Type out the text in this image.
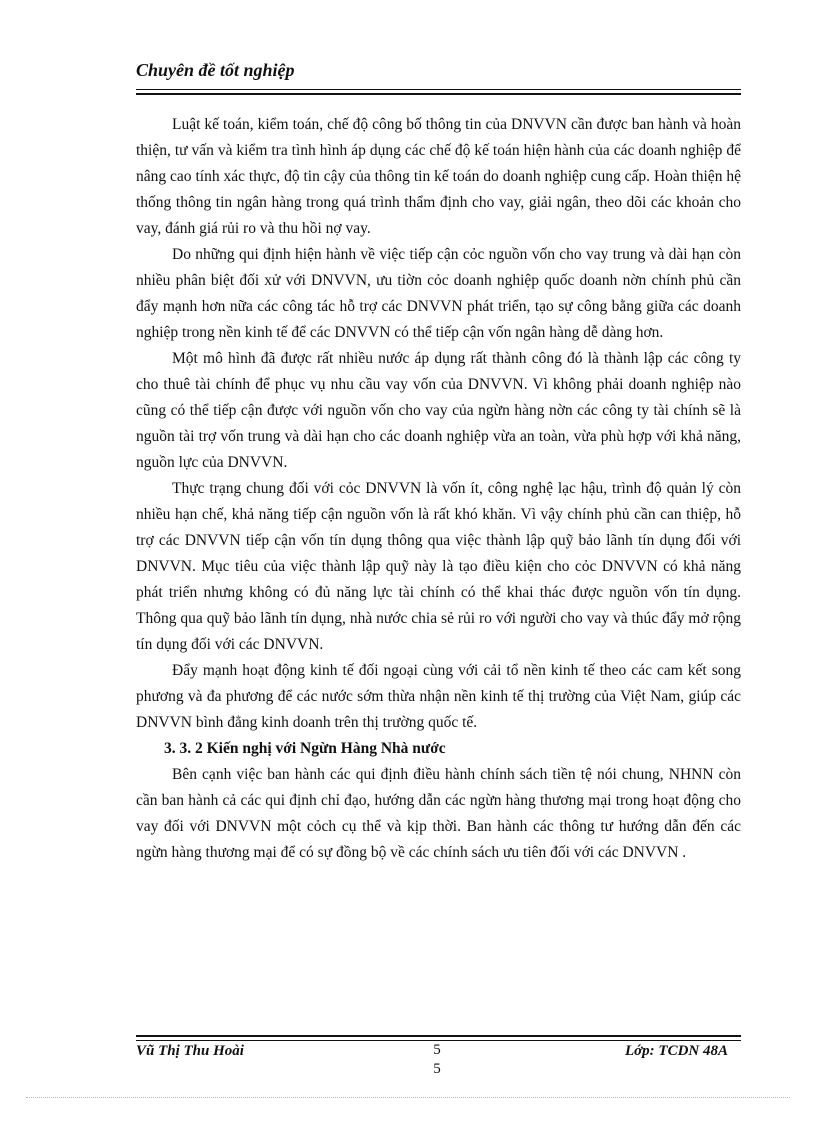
Chuyên đề tốt nghiệp

Luật kế toán, kiểm toán, chế độ công bố thông tin của DNVVN cần được ban hành và hoàn thiện, tư vấn và kiểm tra tình hình áp dụng các chế độ kế toán hiện hành của các doanh nghiệp để nâng cao tính xác thực, độ tin cậy của thông tin kế toán do doanh nghiệp cung cấp. Hoàn thiện hệ thống thông tin ngân hàng trong quá trình thẩm định cho vay, giải ngân, theo dõi các khoản cho vay, đánh giá rủi ro và thu hồi nợ vay.

Do những qui định hiện hành về việc tiếp cận cỏc nguồn vốn cho vay trung và dài hạn còn nhiều phân biệt đối xử với DNVVN, ưu tiờn cỏc doanh nghiệp quốc doanh nờn chính phủ cần đẩy mạnh hơn nữa các công tác hỗ trợ các DNVVN phát triển, tạo sự công bằng giữa các doanh nghiệp trong nền kinh tế để các DNVVN có thể tiếp cận vốn ngân hàng dễ dàng hơn.

Một mô hình đã được rất nhiều nước áp dụng rất thành công đó là thành lập các công ty cho thuê tài chính để phục vụ nhu cầu vay vốn của DNVVN. Vì không phải doanh nghiệp nào cũng có thể tiếp cận được với nguồn vốn cho vay của ngừn hàng nờn các công ty tài chính sẽ là nguồn tài trợ vốn trung và dài hạn cho các doanh nghiệp vừa an toàn, vừa phù hợp với khả năng, nguồn lực của DNVVN.

Thực trạng chung đối với cỏc DNVVN là vốn ít, công nghệ lạc hậu, trình độ quản lý còn nhiều hạn chế, khả năng tiếp cận nguồn vốn là rất khó khăn. Vì vậy chính phủ cần can thiệp, hỗ trợ các DNVVN tiếp cận vốn tín dụng thông qua việc thành lập quỹ bảo lãnh tín dụng đối với DNVVN. Mục tiêu của việc thành lập quỹ này là tạo điều kiện cho cỏc DNVVN có khả năng phát triển nhưng không có đủ năng lực tài chính có thể khai thác được nguồn vốn tín dụng. Thông qua quỹ bảo lãnh tín dụng, nhà nước chia sẻ rủi ro với người cho vay và thúc đẩy mở rộng tín dụng đối với các DNVVN.

Đẩy mạnh hoạt động kinh tế đối ngoại cùng với cải tổ nền kinh tế theo các cam kết song phương và đa phương để các nước sớm thừa nhận nền kinh tế thị trường của Việt Nam, giúp các DNVVN bình đẳng kinh doanh trên thị trường quốc tế.

3. 3. 2 Kiến nghị với Ngừn Hàng Nhà nước

Bên cạnh việc ban hành các qui định điều hành chính sách tiền tệ nói chung, NHNN còn cần ban hành cả các qui định chỉ đạo, hướng dẫn các ngừn hàng thương mại trong hoạt động cho vay đối với DNVVN một cỏch cụ thể và kịp thời. Ban hành các thông tư hướng dẫn đến các ngừn hàng thương mại để có sự đồng bộ về các chính sách ưu tiên đối với các DNVVN .

Vũ Thị Thu Hoài	5
5
Lớp: TCDN 48A
